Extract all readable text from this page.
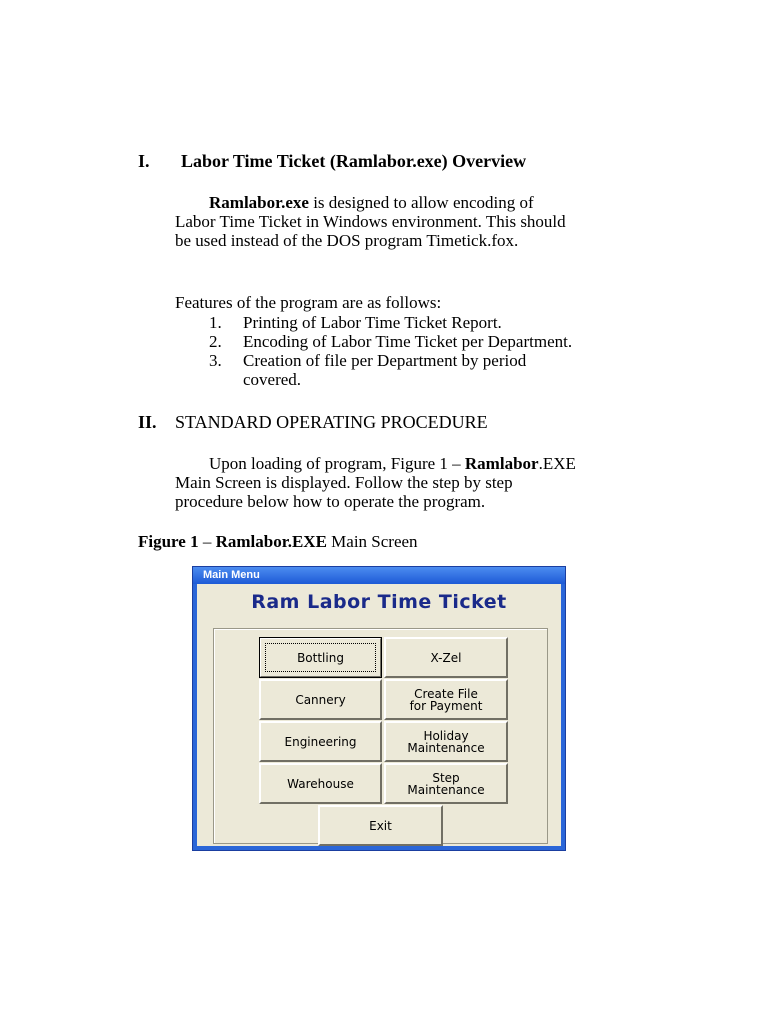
I. Labor Time Ticket (Ramlabor.exe) Overview
Ramlabor.exe is designed to allow encoding of
Labor Time Ticket in Windows environment. This should
be used instead of the DOS program Timetick.fox.
Features of the program are as follows:
1. Printing of Labor Time Ticket Report.
2. Encoding of Labor Time Ticket per Department.
3. Creation of file per Department by period
covered.
II. STANDARD OPERATING PROCEDURE
Upon loading of program, Figure 1 – Ramlabor.EXE
Main Screen is displayed. Follow the step by step
procedure below how to operate the program.
Figure 1 – Ramlabor.EXE Main Screen
Main Menu
Ram Labor Time Ticket
Bottling	X-Zel
Cannery	Create File
for Payment
Engineering	Holiday
Maintenance
Warehouse	Step
Maintenance
Exit
